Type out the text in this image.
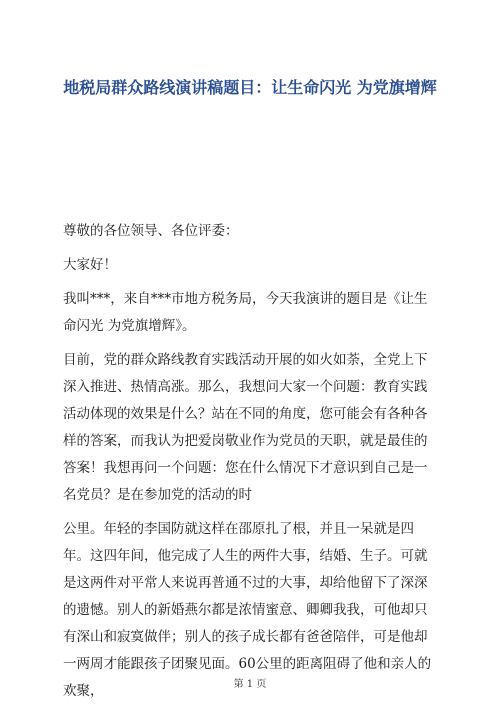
地税局群众路线演讲稿题目：让生命闪光 为党旗增辉

尊敬的各位领导、各位评委：

大家好！

我叫***，来自***市地方税务局，今天我演讲的题目是《让生命闪光 为党旗增辉》。

目前，党的群众路线教育实践活动开展的如火如荼，全党上下深入推进、热情高涨。那么，我想问大家一个问题：教育实践活动体现的效果是什么？站在不同的角度，您可能会有各种各样的答案，而我认为把爱岗敬业作为党员的天职，就是最佳的答案！我想再问一个问题：您在什么情况下才意识到自己是一名党员？是在参加党的活动的时

公里。年轻的李国防就这样在邵原扎了根，并且一呆就是四年。这四年间，他完成了人生的两件大事，结婚、生子。可就是这两件对平常人来说再普通不过的大事，却给他留下了深深的遗憾。别人的新婚燕尔都是浓情蜜意、卿卿我我，可他却只有深山和寂寞做伴；别人的孩子成长都有爸爸陪伴，可是他却一两周才能跟孩子团聚见面。60公里的距离阻碍了他和亲人的欢聚，	第 1 页
